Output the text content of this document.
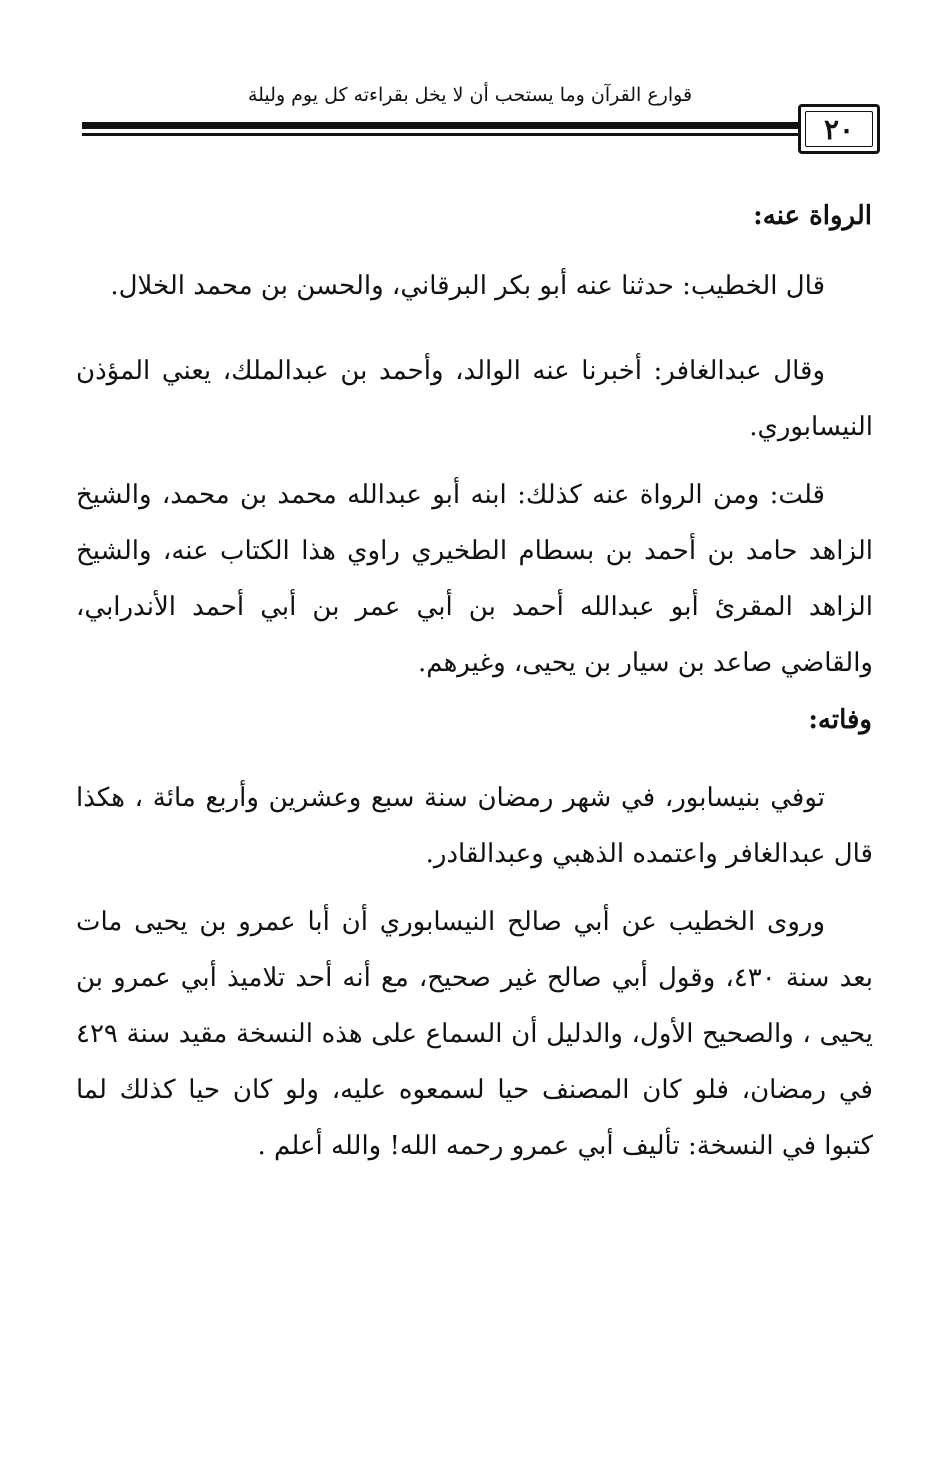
قوارع القرآن وما يستحب أن لا يخل بقراءته كل يوم وليلة
٢٠
الرواة عنه:
قال الخطيب: حدثنا عنه أبو بكر البرقاني، والحسن بن محمد الخلال.
وقال عبدالغافر: أخبرنا عنه الوالد، وأحمد بن عبدالملك، يعني المؤذن النيسابوري.
قلت: ومن الرواة عنه كذلك: ابنه أبو عبدالله محمد بن محمد، والشيخ الزاهد حامد بن أحمد بن بسطام الطخيري راوي هذا الكتاب عنه، والشيخ الزاهد المقرئ أبو عبدالله أحمد بن أبي عمر بن أبي أحمد الأندرابي، والقاضي صاعد بن سيار بن يحيى، وغيرهم.
وفاته:
توفي بنيسابور، في شهر رمضان سنة سبع وعشرين وأربع مائة ، هكذا قال عبدالغافر واعتمده الذهبي وعبدالقادر.
وروى الخطيب عن أبي صالح النيسابوري أن أبا عمرو بن يحيى مات بعد سنة ٤٣٠، وقول أبي صالح غير صحيح، مع أنه أحد تلاميذ أبي عمرو بن يحيى ، والصحيح الأول، والدليل أن السماع على هذه النسخة مقيد سنة ٤٢٩ في رمضان، فلو كان المصنف حيا لسمعوه عليه، ولو كان حيا كذلك لما كتبوا في النسخة: تأليف أبي عمرو رحمه الله! والله أعلم .
